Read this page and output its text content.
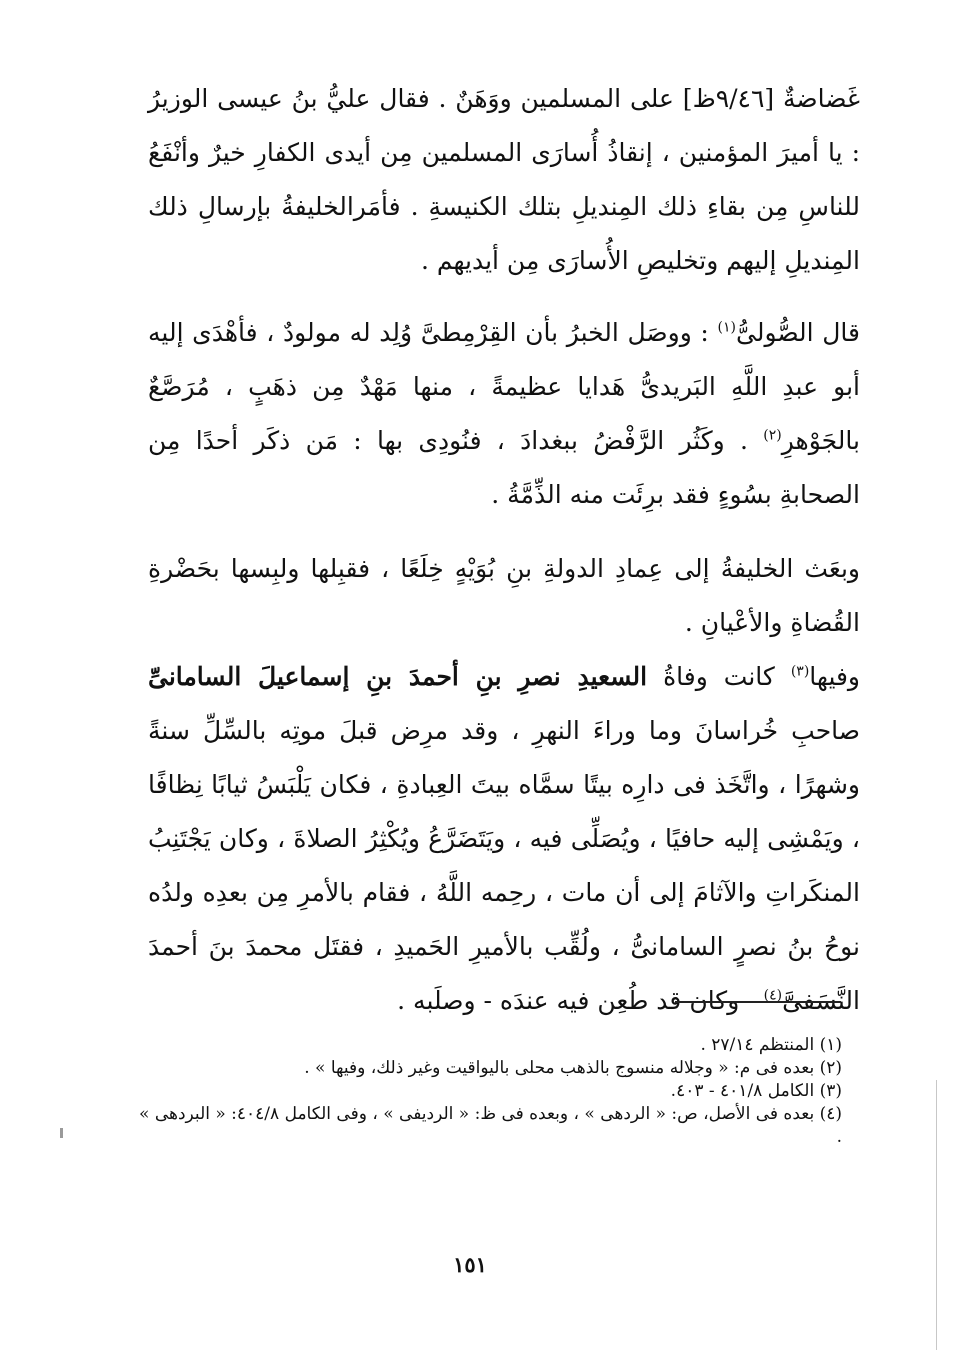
غَضاضةٌ [٩/٤٦ظ] على المسلمين ووَهَنٌ . فقال عليُّ بنُ عيسى الوزيرُ : يا أميرَ المؤمنين ، إنقاذُ أُسارَى المسلمين مِن أيدى الكفارِ خيرٌ وأنْفَعُ للناسِ مِن بقاءِ ذلك المِنديلِ بتلك الكنيسةِ . فأمَرالخليفةُ بإرسالِ ذلك المِنديلِ إليهم وتخليصِ الأُسارَى مِن أيديهم .

قال الصُّولىُّ$^{(١)}$ : ووصَل الخبرُ بأن القِرْمِطىَّ وُلِد له مولودٌ ، فأهْدَى إليه أبو عبدِ اللَّهِ البَريدىُّ هَدايا عظيمةً ، منها مَهْدٌ مِن ذهَبٍ ، مُرَصَّعٌ بالجَوْهرِ$^{(٢)}$ . وكَثُر الرَّفْضُ ببغدادَ ، فنُودِى بها : مَن ذكَر أحدًا مِن الصحابةِ بسُوءٍ فقد برِئَت منه الذِّمَّةُ .

وبعَث الخليفةُ إلى عِمادِ الدولةِ بنِ بُوَيْهٍ خِلَعًا ، فقبِلها ولبِسها بحَضْرةِ القُضاةِ والأعْيانِ .

وفيها$^{(٣)}$ كانت وفاةُ السعيدِ نصرِ بنِ أحمدَ بنِ إسماعيلَ السامانىِّ صاحبِ خُراسانَ وما وراءَ النهرِ ، وقد مرِض قبلَ موتِه بالسِّلِّ سنةً وشهرًا ، واتَّخَذ فى دارِه بيتًا سمَّاه بيتَ العِبادةِ ، فكان يَلْبَسُ ثيابًا نِظافًا ، ويَمْشِى إليه حافيًا ، ويُصَلِّى فيه ، ويَتَضَرَّعُ ويُكْثِرُ الصلاةَ ، وكان يَجْتَنِبُ المنكَراتِ والآثامَ إلى أن مات ، رحِمه اللَّهُ ، فقام بالأمرِ مِن بعدِه ولدُه نوحُ بنُ نصرٍ السامانىُّ ، ولُقِّب بالأميرِ الحَميدِ ، فقتَل محمدَ بنَ أحمدَ النَّسَفىَّ$^{(٤)}$ - وكان قد طُعِن فيه عندَه - وصلَبه .

(١) المنتظم ٢٧/١٤ .

(٢) بعده فى م: « وجلاله منسوج بالذهب محلى باليواقيت وغير ذلك، وفيها » .

(٣) الكامل ٤٠١/٨ - ٤٠٣.

(٤) بعده فى الأصل، ص: « الردهى » ، وبعده فى ظ: « الرديفى » ، وفى الكامل ٤٠٤/٨: « البردهى » .

١٥١
